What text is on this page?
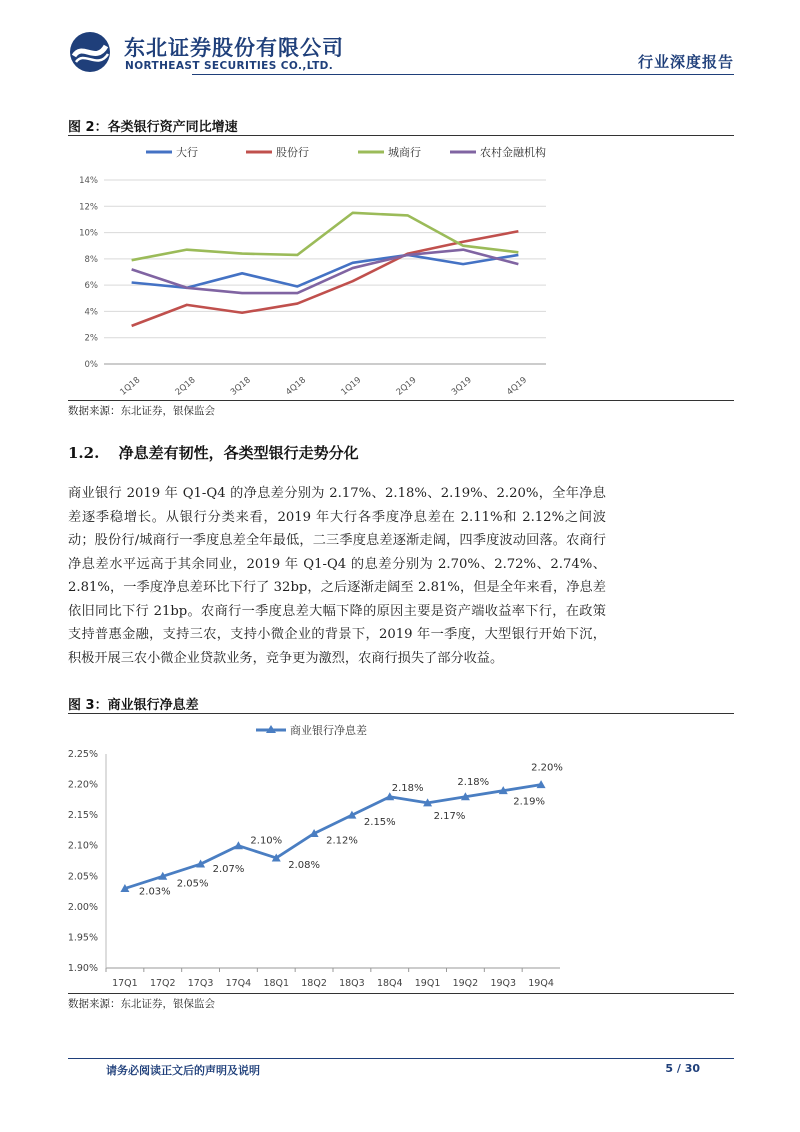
东北证券股份有限公司
NORTHEAST SECURITIES CO.,LTD.	行业深度报告
图 2：各类银行资产同比增速
大行	股份行	城商行	农村金融机构
0%
2%
4%
6%
8%
10%
12%
14%
1Q18	2Q18	3Q18	4Q18	1Q19	2Q19	3Q19	4Q19
数据来源：东北证券，银保监会
1.2. 净息差有韧性，各类型银行走势分化
商业银行 2019 年 Q1-Q4 的净息差分别为 2.17%、2.18%、2.19%、2.20%，全年净息差逐季稳增长。从银行分类来看，2019 年大行各季度净息差在 2.11%和 2.12%之间波动；股份行/城商行一季度息差全年最低，二三季度息差逐渐走阔，四季度波动回落。农商行净息差水平远高于其余同业，2019 年 Q1-Q4 的息差分别为 2.70%、2.72%、2.74%、2.81%，一季度净息差环比下行了 32bp，之后逐渐走阔至 2.81%，但是全年来看，净息差依旧同比下行 21bp。农商行一季度息差大幅下降的原因主要是资产端收益率下行，在政策支持普惠金融，支持三农，支持小微企业的背景下，2019 年一季度，大型银行开始下沉，积极开展三农小微企业贷款业务，竞争更为激烈，农商行损失了部分收益。
图 3：商业银行净息差
商业银行净息差
1.90%
1.95%
2.00%
2.05%
2.10%
2.15%
2.20%
2.25%
17Q1 17Q2 17Q3 17Q4 18Q1 18Q2 18Q3 18Q4 19Q1 19Q2 19Q3 19Q4
2.03%
2.05%
2.07%
2.10%
2.08%
2.12%
2.15%
2.18%
2.17%
2.18%
2.19%
2.20%
数据来源：东北证券，银保监会
请务必阅读正文后的声明及说明	5 / 30
